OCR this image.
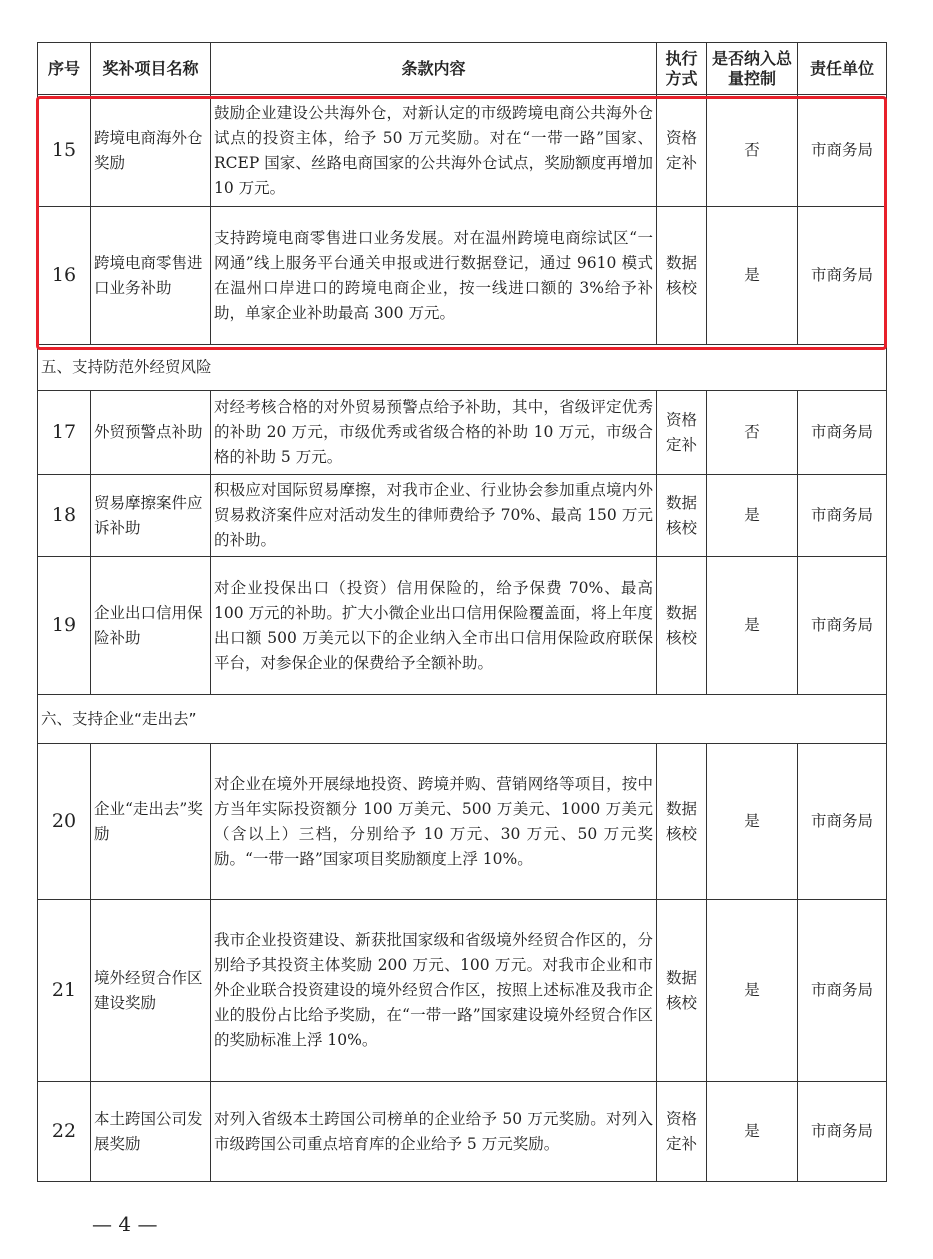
序号	奖补项目名称	条款内容	执行方式	是否纳入总量控制	责任单位
15	跨境电商海外仓奖励	鼓励企业建设公共海外仓，对新认定的市级跨境电商公共海外仓试点的投资主体，给予 50 万元奖励。对在“一带一路”国家、RCEP 国家、丝路电商国家的公共海外仓试点，奖励额度再增加 10 万元。	资格定补	否	市商务局
16	跨境电商零售进口业务补助	支持跨境电商零售进口业务发展。对在温州跨境电商综试区“一网通”线上服务平台通关申报或进行数据登记，通过 9610 模式在温州口岸进口的跨境电商企业，按一线进口额的 3%给予补助，单家企业补助最高 300 万元。	数据核校	是	市商务局
五、支持防范外经贸风险					
17	外贸预警点补助	对经考核合格的对外贸易预警点给予补助，其中，省级评定优秀的补助 20 万元，市级优秀或省级合格的补助 10 万元，市级合格的补助 5 万元。	资格定补	否	市商务局
18	贸易摩擦案件应诉补助	积极应对国际贸易摩擦，对我市企业、行业协会参加重点境内外贸易救济案件应对活动发生的律师费给予 70%、最高 150 万元的补助。	数据核校	是	市商务局
19	企业出口信用保险补助	对企业投保出口（投资）信用保险的，给予保费 70%、最高 100 万元的补助。扩大小微企业出口信用保险覆盖面，将上年度出口额 500 万美元以下的企业纳入全市出口信用保险政府联保平台，对参保企业的保费给予全额补助。	数据核校	是	市商务局
六、支持企业“走出去”					
20	企业“走出去”奖励	对企业在境外开展绿地投资、跨境并购、营销网络等项目，按中方当年实际投资额分 100 万美元、500 万美元、1000 万美元（含以上）三档，分别给予 10 万元、30 万元、50 万元奖励。“一带一路”国家项目奖励额度上浮 10%。	数据核校	是	市商务局
21	境外经贸合作区建设奖励	我市企业投资建设、新获批国家级和省级境外经贸合作区的，分别给予其投资主体奖励 200 万元、100 万元。对我市企业和市外企业联合投资建设的境外经贸合作区，按照上述标准及我市企业的股份占比给予奖励，在“一带一路”国家建设境外经贸合作区的奖励标准上浮 10%。	数据核校	是	市商务局
22	本土跨国公司发展奖励	对列入省级本土跨国公司榜单的企业给予 50 万元奖励。对列入市级跨国公司重点培育库的企业给予 5 万元奖励。	资格定补	是	市商务局
— 4 —
